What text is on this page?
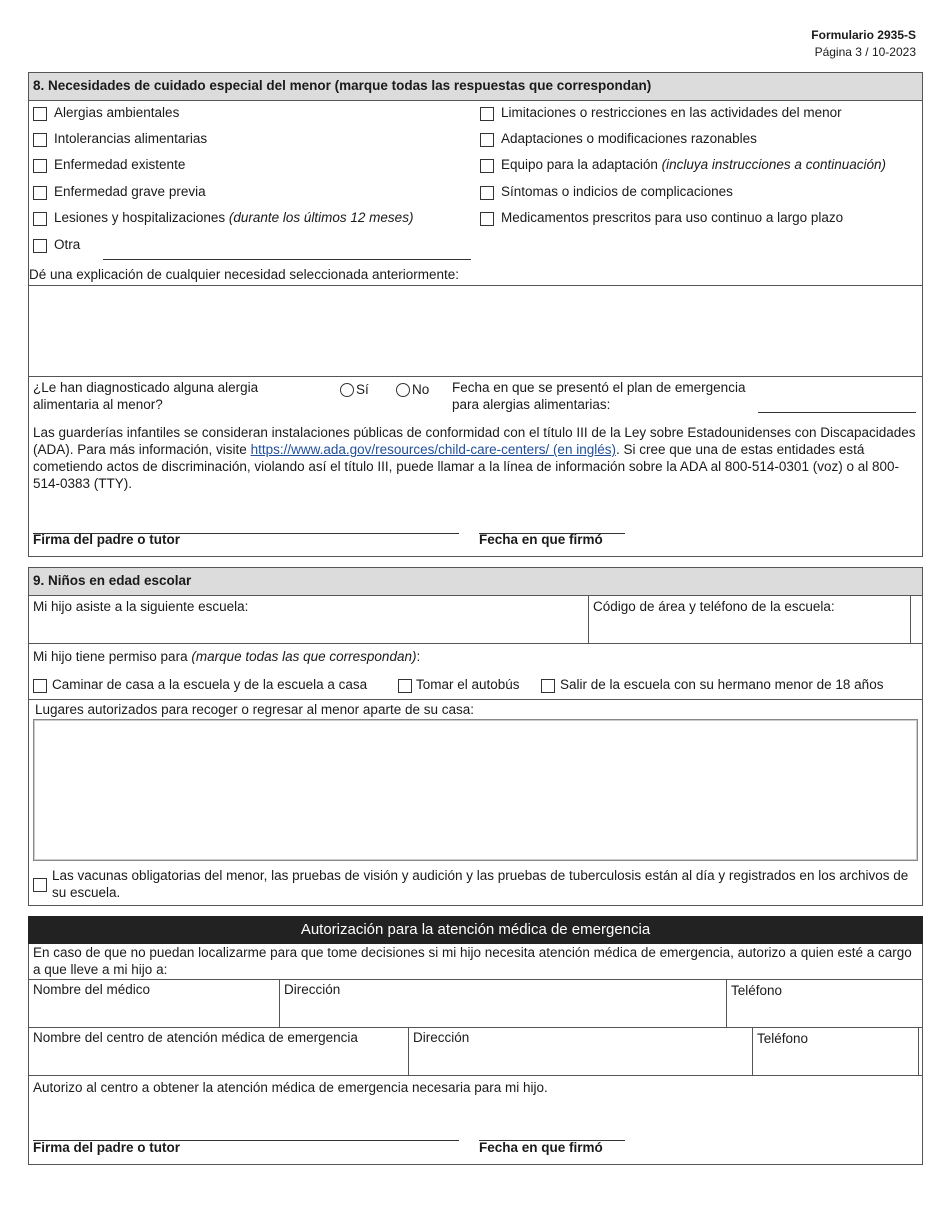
Formulario 2935-S
Página 3 / 10-2023
8. Necesidades de cuidado especial del menor (marque todas las respuestas que correspondan)
Alergias ambientales
Intolerancias alimentarias
Enfermedad existente
Enfermedad grave previa
Lesiones y hospitalizaciones (durante los últimos 12 meses)
Otra
Limitaciones o restricciones en las actividades del menor
Adaptaciones o modificaciones razonables
Equipo para la adaptación (incluya instrucciones a continuación)
Síntomas o indicios de complicaciones
Medicamentos prescritos para uso continuo a largo plazo
Dé una explicación de cualquier necesidad seleccionada anteriormente:
¿Le han diagnosticado alguna alergia alimentaria al menor?
Sí	No Fecha en que se presentó el plan de emergencia para alergias alimentarias:
Las guarderías infantiles se consideran instalaciones públicas de conformidad con el título III de la Ley sobre Estadounidenses con Discapacidades (ADA). Para más información, visite https://www.ada.gov/resources/child-care-centers/ (en inglés). Si cree que una de estas entidades está cometiendo actos de discriminación, violando así el título III, puede llamar a la línea de información sobre la ADA al 800-514-0301 (voz) o al 800-514-0383 (TTY).
Firma del padre o tutor	Fecha en que firmó
9. Niños en edad escolar
Mi hijo asiste a la siguiente escuela:	Código de área y teléfono de la escuela:
Mi hijo tiene permiso para (marque todas las que correspondan):
Caminar de casa a la escuela y de la escuela a casa	Tomar el autobús	Salir de la escuela con su hermano menor de 18 años
Lugares autorizados para recoger o regresar al menor aparte de su casa:
Las vacunas obligatorias del menor, las pruebas de visión y audición y las pruebas de tuberculosis están al día y registrados en los archivos de su escuela.
Autorización para la atención médica de emergencia
En caso de que no puedan localizarme para que tome decisiones si mi hijo necesita atención médica de emergencia, autorizo a quien esté a cargo a que lleve a mi hijo a:
Nombre del médico	Dirección	Teléfono
Nombre del centro de atención médica de emergencia	Dirección	Teléfono
Autorizo al centro a obtener la atención médica de emergencia necesaria para mi hijo.
Firma del padre o tutor	Fecha en que firmó
